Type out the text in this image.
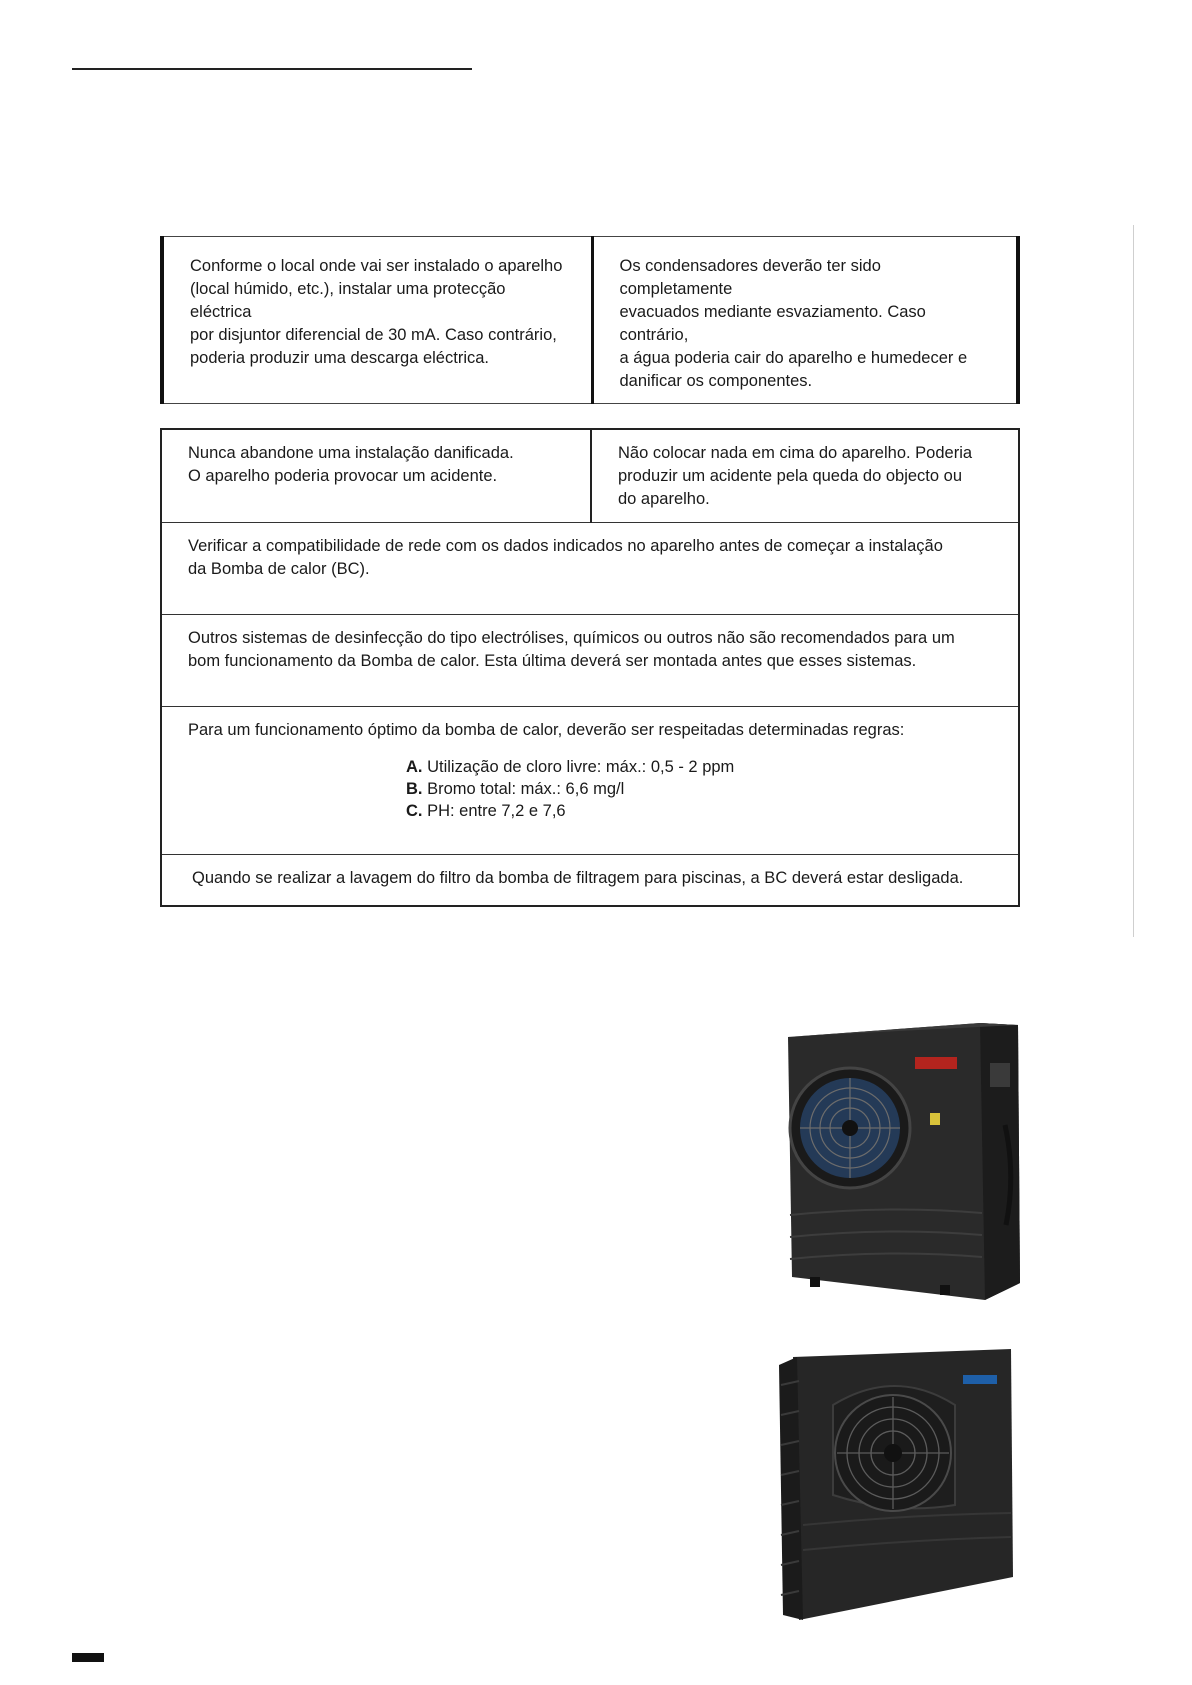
Conforme o local onde vai ser instalado o aparelho
(local húmido, etc.), instalar uma protecção eléctrica
por disjuntor diferencial de 30 mA. Caso contrário,
poderia produzir uma descarga eléctrica.

Os condensadores deverão ter sido completamente
evacuados mediante esvaziamento. Caso contrário,
a água poderia cair do aparelho e humedecer e
danificar os componentes.
Nunca abandone uma instalação danificada.
O aparelho poderia provocar um acidente.

Não colocar nada em cima do aparelho. Poderia
produzir um acidente pela queda do objecto ou
do aparelho.

Verificar a compatibilidade de rede com os dados indicados no aparelho antes de começar a instalação
da Bomba de calor (BC).

Outros sistemas de desinfecção do tipo electrólises, químicos ou outros não são recomendados para um
bom funcionamento da Bomba de calor. Esta última deverá ser montada antes que esses sistemas.

Para um funcionamento óptimo da bomba de calor, deverão ser respeitadas determinadas regras:
A. Utilização de cloro livre: máx.: 0,5 - 2 ppm
B. Bromo total: máx.: 6,6 mg/l
C. PH: entre 7,2 e 7,6

Quando se realizar a lavagem do filtro da bomba de filtragem para piscinas, a BC deverá estar desligada.
